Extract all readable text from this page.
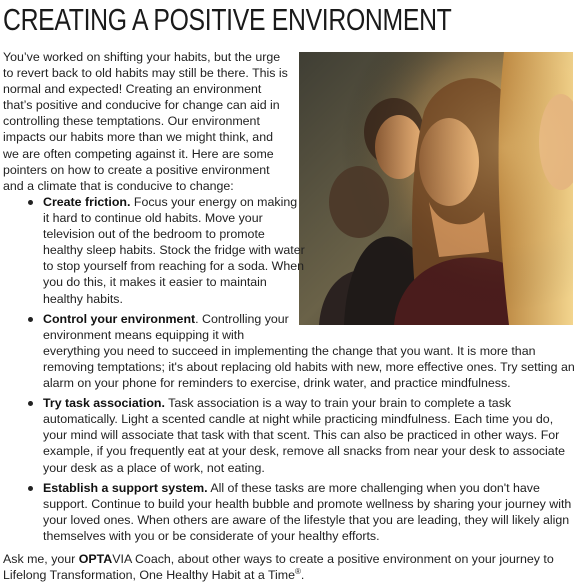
CREATING A POSITIVE ENVIRONMENT

You’ve worked on shifting your habits, but the urge to revert back to old habits may still be there. This is normal and expected! Creating an environment that’s positive and conducive for change can aid in controlling these temptations. Our environment impacts our habits more than we might think, and we are often competing against it. Here are some pointers on how to create a positive environment and a climate that is conducive to change:

Create friction. Focus your energy on making it hard to continue old habits. Move your television out of the bedroom to promote healthy sleep habits. Stock the fridge with water to stop yourself from reaching for a soda. When you do this, it makes it easier to maintain healthy habits.
Control your environment. Controlling your environment means equipping it with
everything you need to succeed in implementing the change that you want. It is more than removing temptations; it's about replacing old habits with new, more effective ones. Try setting an alarm on your phone for reminders to exercise, drink water, and practice mindfulness.
Try task association. Task association is a way to train your brain to complete a task automatically. Light a scented candle at night while practicing mindfulness. Each time you do, your mind will associate that task with that scent. This can also be practiced in other ways. For example, if you frequently eat at your desk, remove all snacks from near your desk to associate your desk as a place of work, not eating.
Establish a support system. All of these tasks are more challenging when you don't have support. Continue to build your health bubble and promote wellness by sharing your journey with your loved ones. When others are aware of the lifestyle that you are leading, they will likely align themselves with you or be considerate of your healthy efforts.

Ask me, your OPTAVIA Coach, about other ways to create a positive environment on your journey to Lifelong Transformation, One Healthy Habit at a Time®.
